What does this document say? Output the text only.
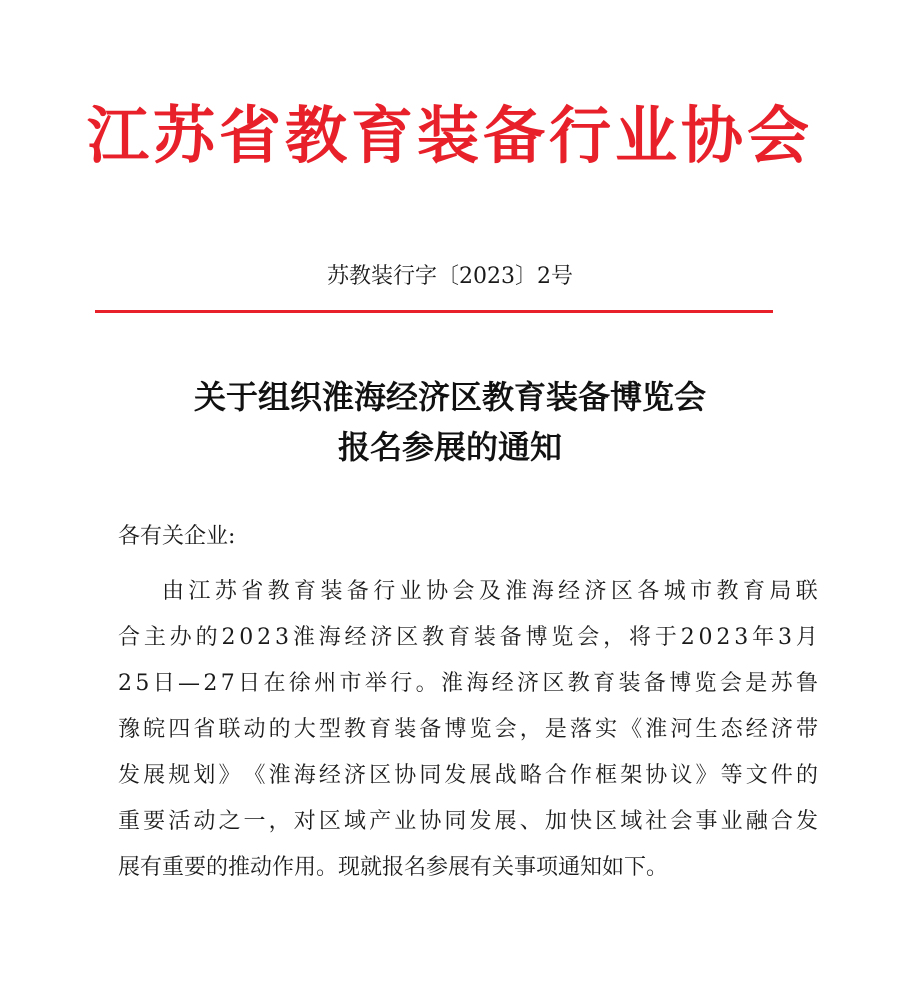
江苏省教育装备行业协会
苏教装行字〔2023〕2号
关于组织淮海经济区教育装备博览会
报名参展的通知
各有关企业:
由 江 苏 省 教 育 装 备 行 业 协 会 及 淮 海 经 济 区 各 城 市 教 育 局 联
合 主 办 的 2 0 2 3 淮 海 经 济 区 教 育 装 备 博 览 会 ， 将 于 2 0 2 3 年 3 月
2 5 日 — 2 7 日 在 徐 州 市 举 行 。 淮 海 经 济 区 教 育 装 备 博 览 会 是 苏 鲁
豫 皖 四 省 联 动 的 大 型 教 育 装 备 博 览 会 ， 是 落 实 《 淮 河 生 态 经 济 带
发 展 规 划 》 《 淮 海 经 济 区 协 同 发 展 战 略 合 作 框 架 协 议 》 等 文 件 的
重 要 活 动 之 一 ， 对 区 域 产 业 协 同 发 展 、 加 快 区 域 社 会 事 业 融 合 发
展有重要的推动作用。现就报名参展有关事项通知如下。
